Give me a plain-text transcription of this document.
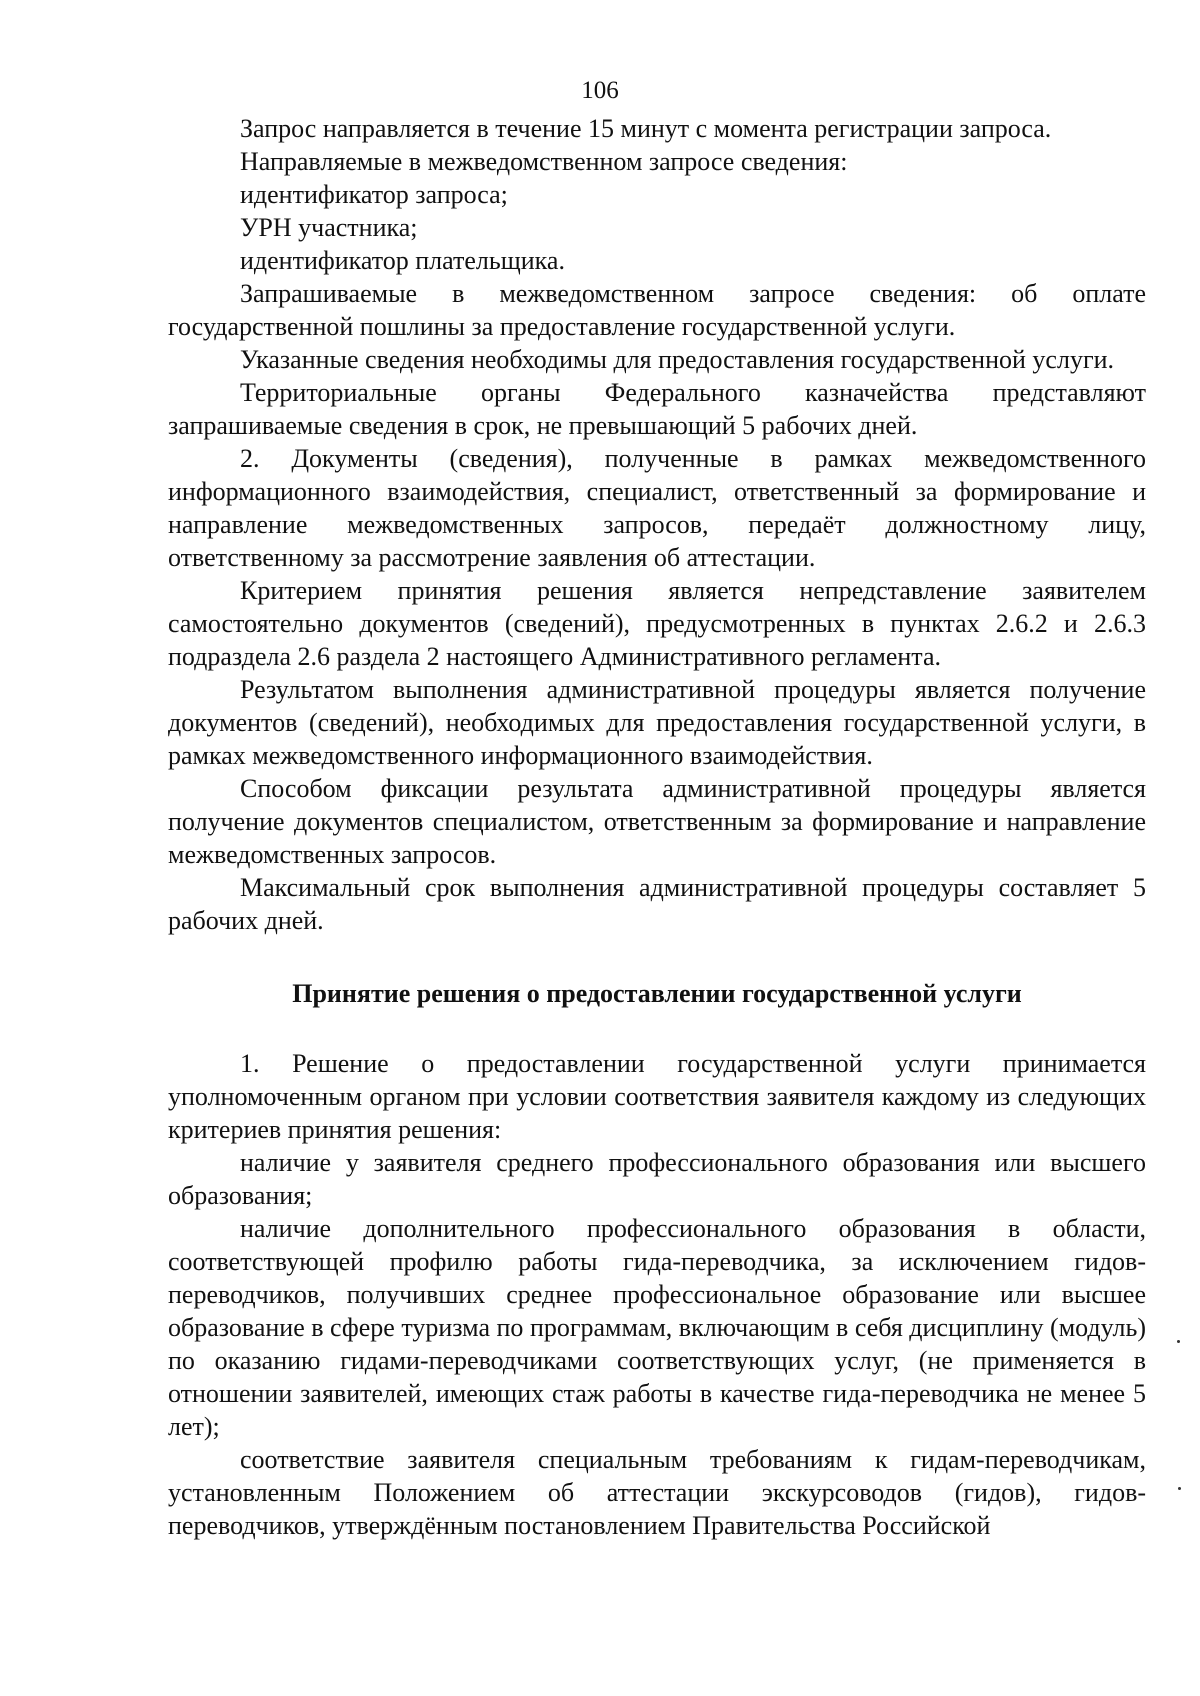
106

Запрос направляется в течение 15 минут с момента регистрации запроса.

Направляемые в межведомственном запросе сведения:

идентификатор запроса;

УРН участника;

идентификатор плательщика.

Запрашиваемые в межведомственном запросе сведения: об оплате государственной пошлины за предоставление государственной услуги.

Указанные сведения необходимы для предоставления государственной услуги.

Территориальные органы Федерального казначейства представляют запрашиваемые сведения в срок, не превышающий 5 рабочих дней.

2. Документы (сведения), полученные в рамках межведомственного информационного взаимодействия, специалист, ответственный за формирование и направление межведомственных запросов, передаёт должностному лицу, ответственному за рассмотрение заявления об аттестации.

Критерием принятия решения является непредставление заявителем самостоятельно документов (сведений), предусмотренных в пунктах 2.6.2 и 2.6.3 подраздела 2.6 раздела 2 настоящего Административного регламента.

Результатом выполнения административной процедуры является получение документов (сведений), необходимых для предоставления государственной услуги, в рамках межведомственного информационного взаимодействия.

Способом фиксации результата административной процедуры является получение документов специалистом, ответственным за формирование и направление межведомственных запросов.

Максимальный срок выполнения административной процедуры составляет 5 рабочих дней.

Принятие решения о предоставлении государственной услуги

1. Решение о предоставлении государственной услуги принимается уполномоченным органом при условии соответствия заявителя каждому из следующих критериев принятия решения:

наличие у заявителя среднего профессионального образования или высшего образования;

наличие дополнительного профессионального образования в области, соответствующей профилю работы гида-переводчика, за исключением гидов-переводчиков, получивших среднее профессиональное образование или высшее образование в сфере туризма по программам, включающим в себя дисциплину (модуль) по оказанию гидами-переводчиками соответствующих услуг, (не применяется в отношении заявителей, имеющих стаж работы в качестве гида-переводчика не менее 5 лет);

соответствие заявителя специальным требованиям к гидам-переводчикам, установленным Положением об аттестации экскурсоводов (гидов), гидов-переводчиков, утверждённым постановлением Правительства Российской
